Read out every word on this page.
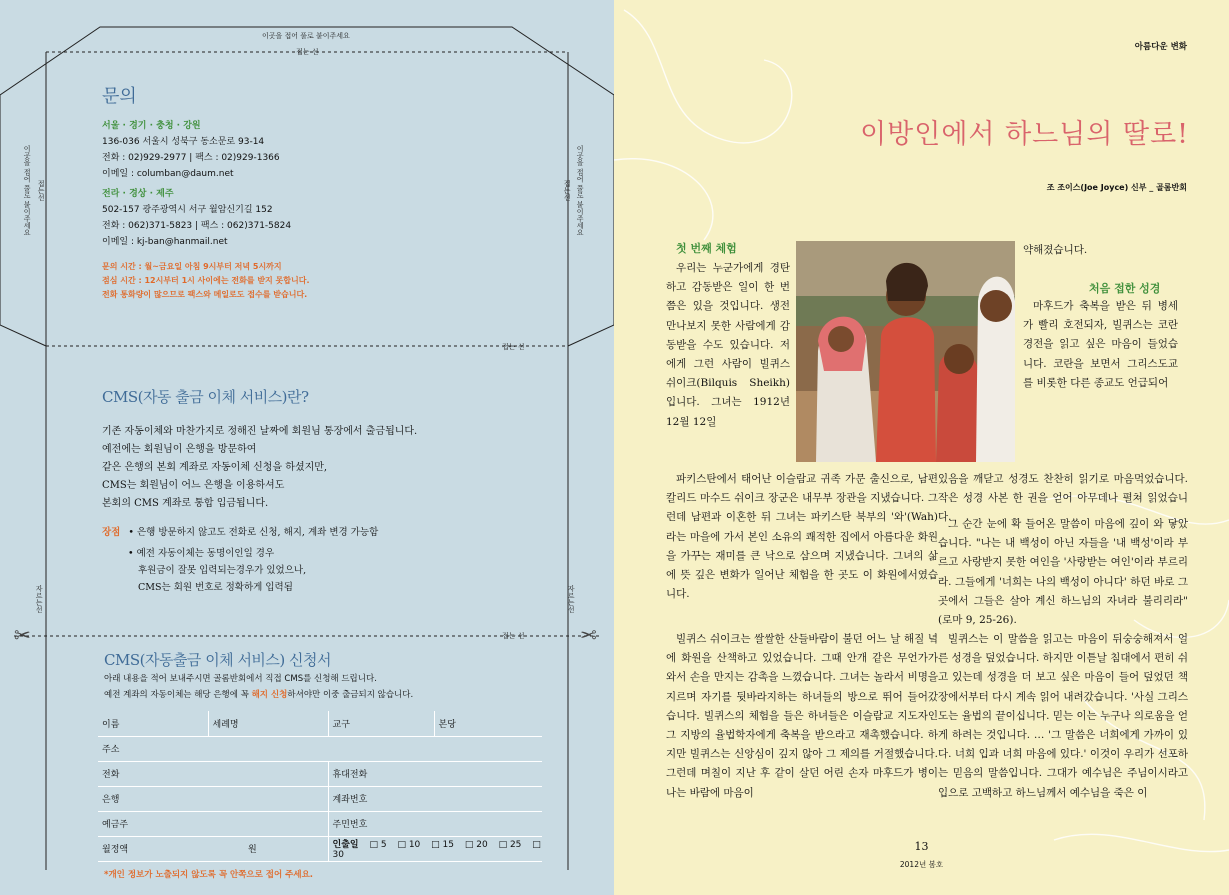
이곳을 접어 풀로 붙이주세요
접는 선
접는 선
접는 선
이곳을 접어 풀로 붙이주세요	이곳을 접어 풀로 붙이주세요
접는선	접는선
자르는선	자르는선
✂	✂
문의
서울 · 경기 · 충청 · 강원
136-036 서울시 성북구 동소문로 93-14
전화 : 02)929-2977 | 팩스 : 02)929-1366
이메일 : columban@daum.net
전라 · 경상 · 제주
502-157 광주광역시 서구 월암신기길 152
전화 : 062)371-5823 | 팩스 : 062)371-5824
이메일 : kj-ban@hanmail.net
문의 시간 : 월~금요일 아침 9시부터 저녁 5시까지
점심 시간 : 12시부터 1시 사이에는 전화를 받지 못합니다.
전화 통화량이 많으므로 팩스와 메일로도 접수를 받습니다.
CMS(자동 출금 이체 서비스)란?
기존 자동이체와 마찬가지로 정해진 날짜에 회원님 통장에서 출금됩니다.
예전에는 회원님이 은행을 방문하여
같은 은행의 본회 계좌로 자동이체 신청을 하셨지만,
CMS는 회원님이 어느 은행을 이용하셔도
본회의 CMS 계좌로 통합 입금됩니다.
장점 • 은행 방문하지 않고도 전화로 신청, 해지, 계좌 변경 가능함
• 예전 자동이체는 동명이인일 경우
후원금이 잘못 입력되는경우가 있었으나,
CMS는 회원 번호로 정확하게 입력됨
CMS(자동출금 이체 서비스) 신청서
아래 내용을 적어 보내주시면 골롬반회에서 직접 CMS를 신청해 드립니다.
예전 계좌의 자동이체는 해당 은행에 꼭 해지 신청하셔야만 이중 출금되지 않습니다.
이름	세례명	교구	본당
주소			
전화		휴대전화	
은행		계좌번호	
예금주		주민번호	
월정액	원	인출일 □ 5 □ 10 □ 15 □ 20 □ 25 □ 30	
*개인 정보가 노출되지 않도록 꼭 안쪽으로 접어 주세요.
아름다운 변화
이방인에서 하느님의 딸로!
조 조이스(Joe Joyce) 신부 _ 골롬반회
첫 번째 체험
우리는 누군가에게 경탄하고 감동받은 일이 한 번쯤은 있을 것입니다. 생전 만나보지 못한 사람에게 감동받을 수도 있습니다. 저에게 그런 사람이 빌퀴스 쉬이크(Bilquis Sheikh)입니다. 그녀는 1912년 12월 12일
파키스탄에서 태어난 이슬람교 귀족 가문 출신으로, 남편 칼리드 마수드 쉬이크 장군은 내무부 장관을 지냈습니다. 그런데 남편과 이혼한 뒤 그녀는 파키스탄 북부의 '와'(Wah)라는 마을에 가서 본인 소유의 쾌적한 집에서 아름다운 화원을 가꾸는 재미를 큰 낙으로 삼으며 지냈습니다. 그녀의 삶에 뜻 깊은 변화가 일어난 체험을 한 곳도 이 화원에서였습니다.
빌퀴스 쉬이크는 쌀쌀한 산들바람이 불던 어느 날 해질 녘에 화원을 산책하고 있었습니다. 그때 안개 같은 무언가가 와서 손을 만지는 감촉을 느꼈습니다. 그녀는 놀라서 비명을 지르며 자기를 뒷바라지하는 하녀들의 방으로 뛰어 들어갔습니다. 빌퀴스의 체험을 들은 하녀들은 이슬람교 지도자인 그 지방의 율법학자에게 축복을 받으라고 재촉했습니다. 하지만 빌퀴스는 신앙심이 깊지 않아 그 제의를 거절했습니다. 그런데 며칠이 지난 후 같이 살던 어린 손자 마후드가 병이 나는 바람에 마음이
약해졌습니다.
처음 접한 성경
마후드가 축복을 받은 뒤 병세가 빨리 호전되자, 빌퀴스는 코란 경전을 읽고 싶은 마음이 들었습니다. 코란을 보면서 그리스도교를 비롯한 다른 종교도 언급되어
있음을 깨닫고 성경도 찬찬히 읽기로 마음먹었습니다. 작은 성경 사본 한 권을 얻어 아무데나 펼쳐 읽었습니다.
그 순간 눈에 확 들어온 말씀이 마음에 깊이 와 닿았습니다. "나는 내 백성이 아닌 자들을 '내 백성'이라 부르고 사랑받지 못한 여인을 '사랑받는 여인'이라 부르리라. 그들에게 '너희는 나의 백성이 아니다' 하던 바로 그곳에서 그들은 살아 계신 하느님의 자녀라 불리리라"(로마 9, 25-26).
빌퀴스는 이 말씀을 읽고는 마음이 뒤숭숭해져서 얼른 성경을 덮었습니다. 하지만 이튿날 침대에서 편히 쉬고 있는데 성경을 더 보고 싶은 마음이 들어 덮었던 책장에서부터 다시 계속 읽어 내려갔습니다. '사실 그리스도는 율법의 끝이십니다. 믿는 이는 누구나 의로움을 얻게 하려는 것입니다. … '그 말씀은 너희에게 가까이 있다. 너희 입과 너희 마음에 있다.' 이것이 우리가 선포하는 믿음의 말씀입니다. 그대가 예수님은 주님이시라고 입으로 고백하고 하느님께서 예수님을 죽은 이
13
2012년 봄호
